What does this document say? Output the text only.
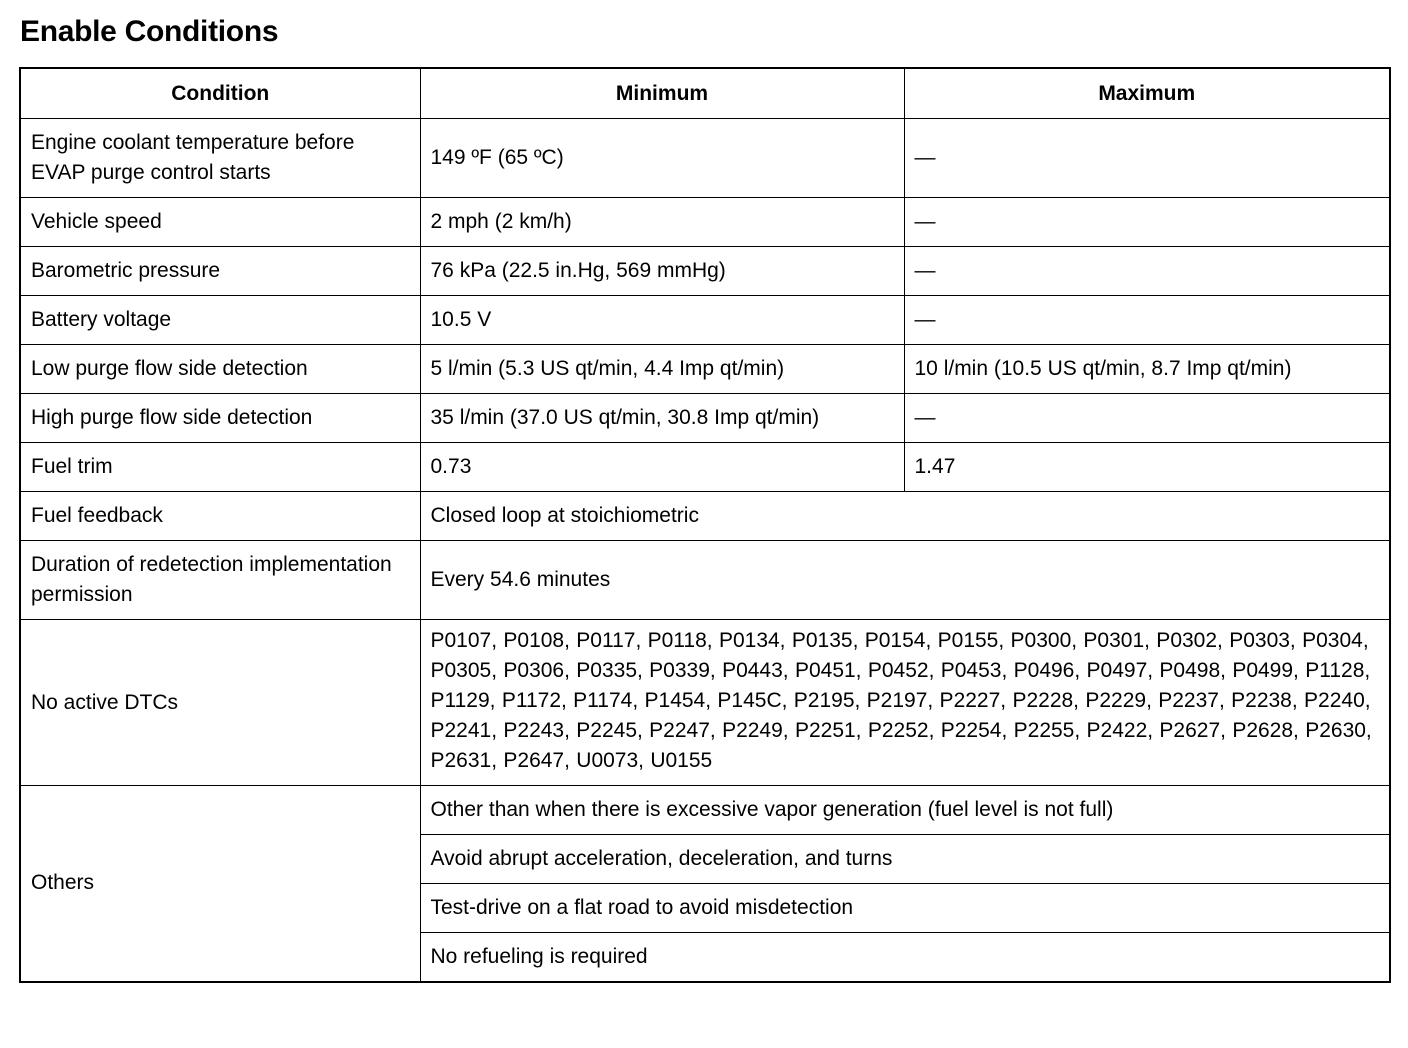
Enable Conditions
Condition	Minimum	Maximum
Engine coolant temperature before EVAP purge control starts	149 ºF (65 ºC)	—
Vehicle speed	2 mph (2 km/h)	—
Barometric pressure	76 kPa (22.5 in.Hg, 569 mmHg)	—
Battery voltage	10.5 V	—
Low purge flow side detection	5 l/min (5.3 US qt/min, 4.4 Imp qt/min)	10 l/min (10.5 US qt/min, 8.7 Imp qt/min)
High purge flow side detection	35 l/min (37.0 US qt/min, 30.8 Imp qt/min)	—
Fuel trim	0.73	1.47
Fuel feedback	Closed loop at stoichiometric	
Duration of redetection implementation permission	Every 54.6 minutes	
No active DTCs	P0107, P0108, P0117, P0118, P0134, P0135, P0154, P0155, P0300, P0301, P0302, P0303, P0304, P0305, P0306, P0335, P0339, P0443, P0451, P0452, P0453, P0496, P0497, P0498, P0499, P1128, P1129, P1172, P1174, P1454, P145C, P2195, P2197, P2227, P2228, P2229, P2237, P2238, P2240, P2241, P2243, P2245, P2247, P2249, P2251, P2252, P2254, P2255, P2422, P2627, P2628, P2630, P2631, P2647, U0073, U0155	
Others	Other than when there is excessive vapor generation (fuel level is not full)	
	Avoid abrupt acceleration, deceleration, and turns	
	Test-drive on a flat road to avoid misdetection	
	No refueling is required	
